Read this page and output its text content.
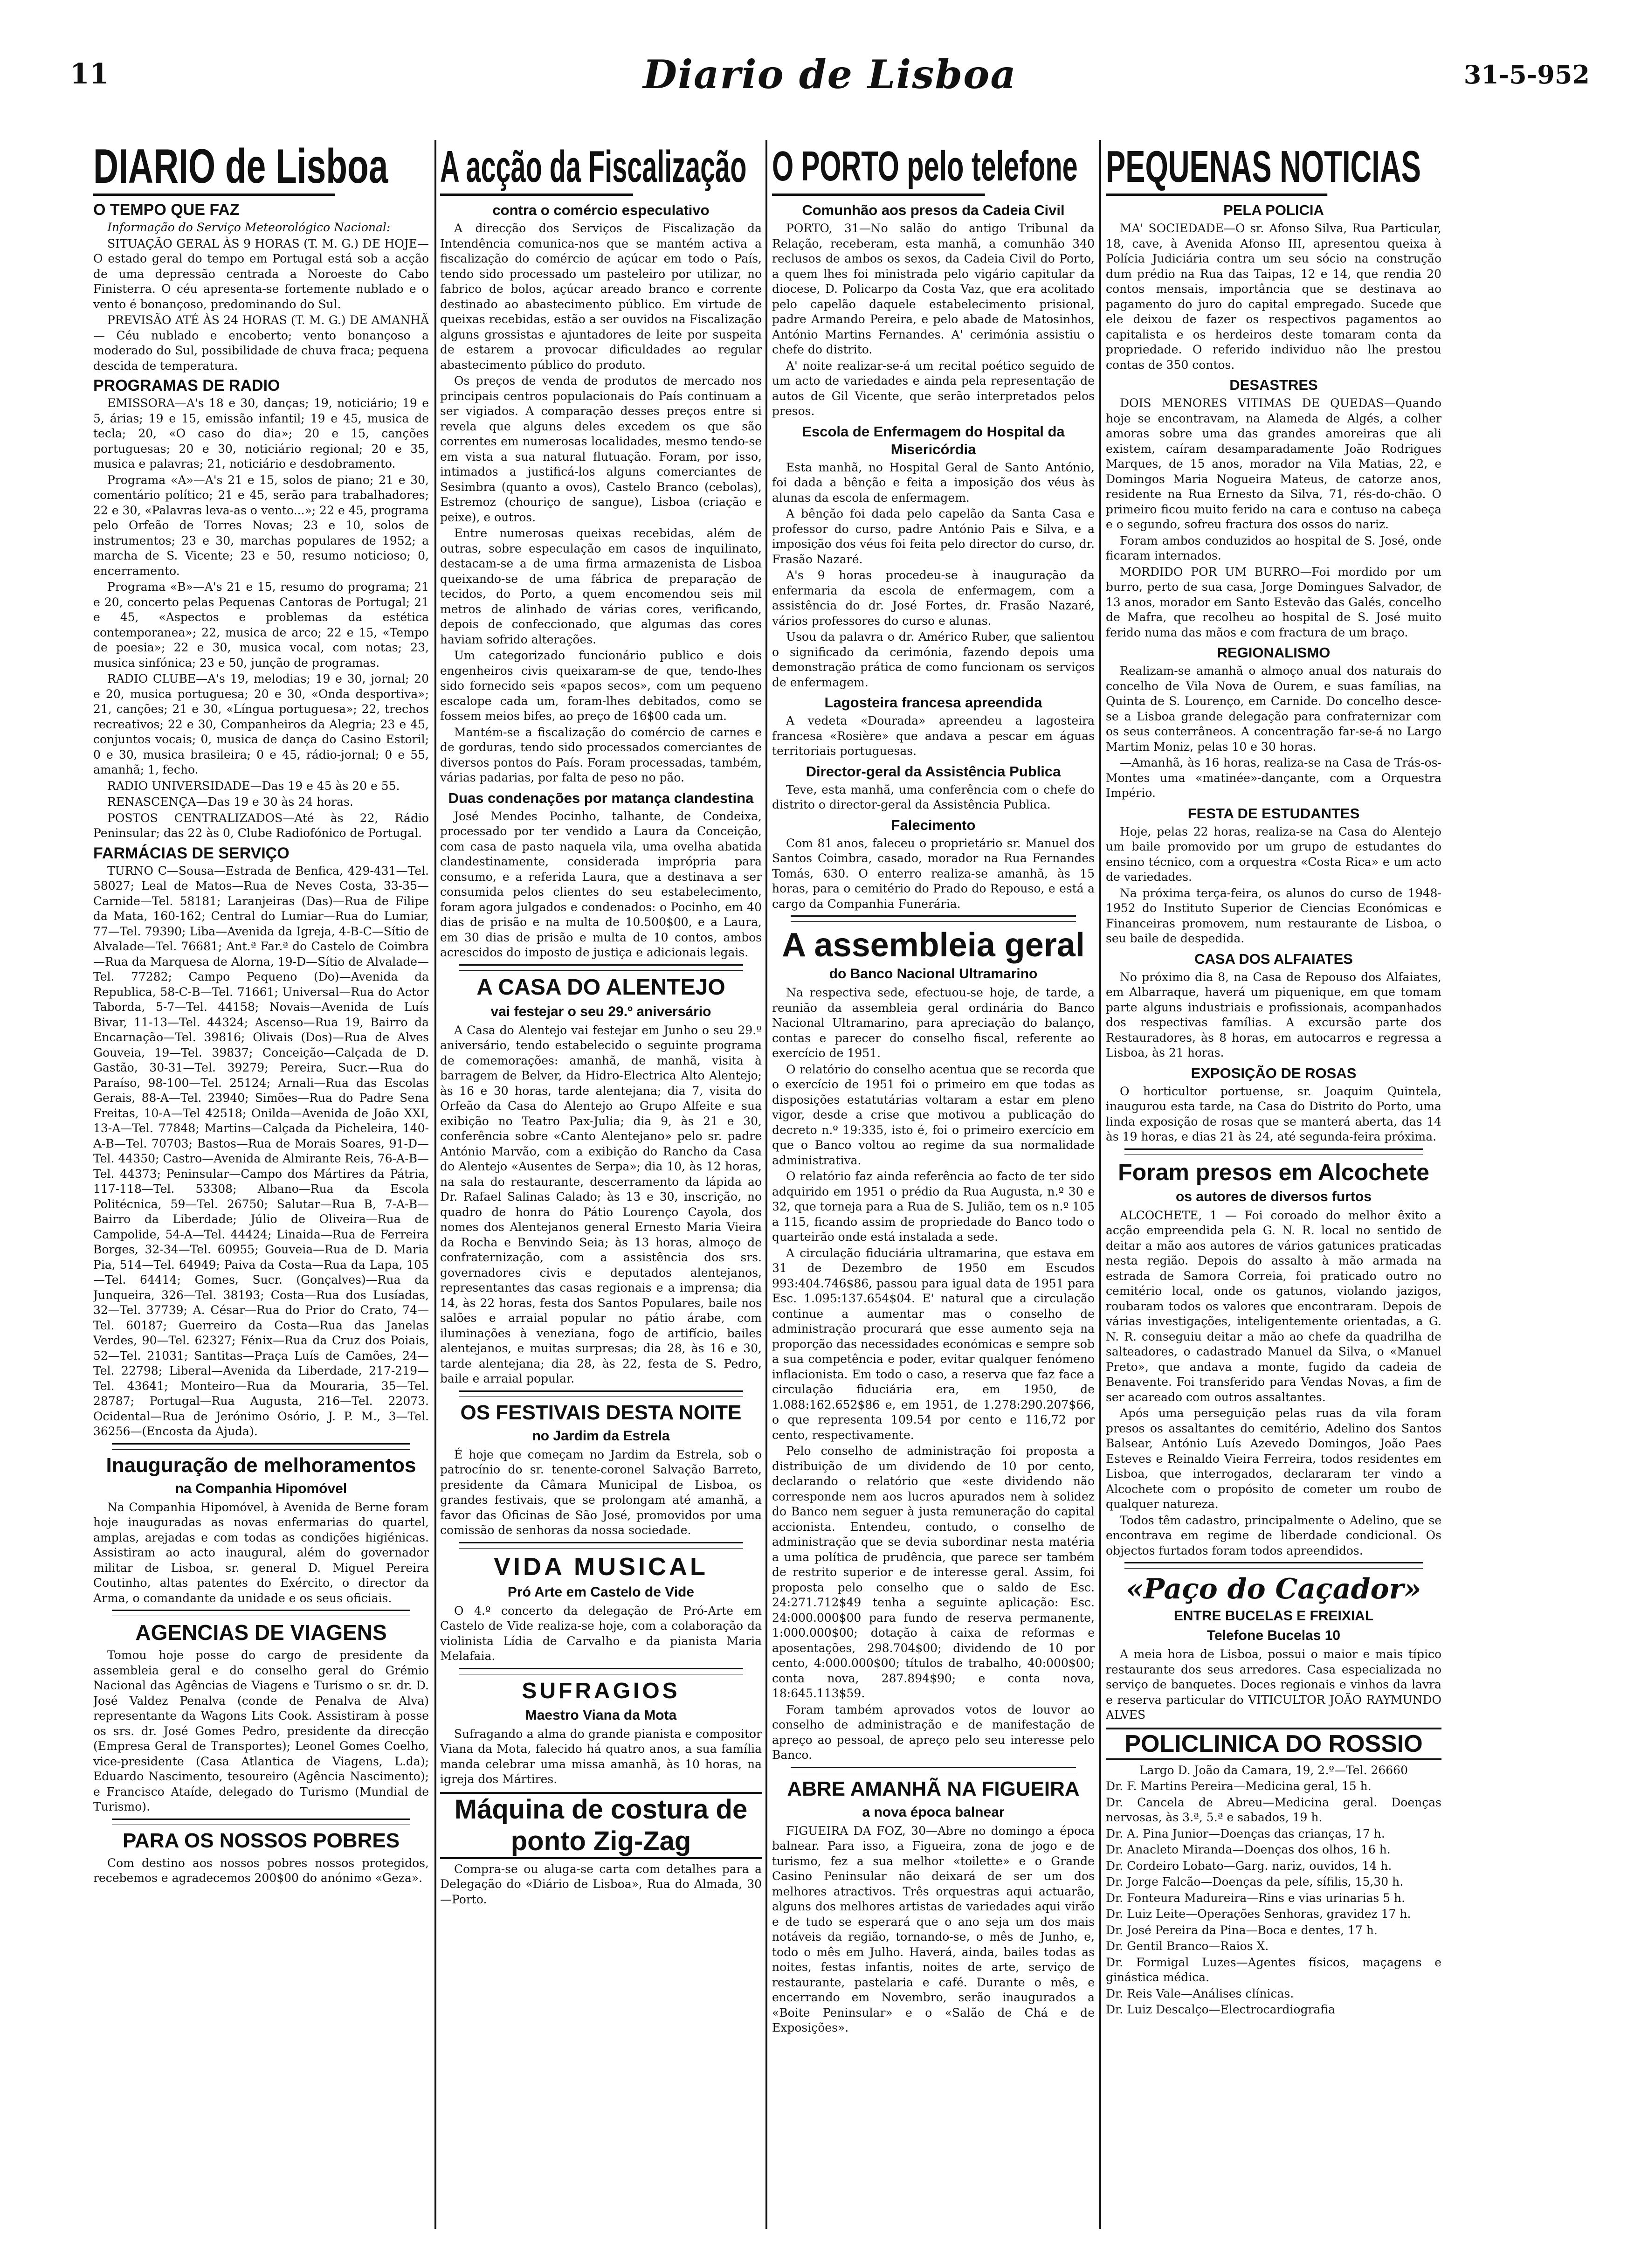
11	Diario de Lisboa	31-5-952
DIARIO de Lisboa
O TEMPO QUE FAZ

Informação do Serviço Meteorológico Nacional:

SITUAÇÃO GERAL ÀS 9 HORAS (T. M. G.) DE HOJE—O estado geral do tempo em Portugal está sob a acção de uma depressão centrada a Noroeste do Cabo Finisterra. O céu apresenta-se fortemente nublado e o vento é bonançoso, predominando do Sul.

PREVISÃO ATÉ ÀS 24 HORAS (T. M. G.) DE AMANHÃ — Céu nublado e encoberto; vento bonançoso a moderado do Sul, possibilidade de chuva fraca; pequena descida de temperatura.

PROGRAMAS DE RADIO

EMISSORA—A's 18 e 30, danças; 19, noticiário; 19 e 5, árias; 19 e 15, emissão infantil; 19 e 45, musica de tecla; 20, «O caso do dia»; 20 e 15, canções portuguesas; 20 e 30, noticiário regional; 20 e 35, musica e palavras; 21, noticiário e desdobramento.

Programa «A»—A's 21 e 15, solos de piano; 21 e 30, comentário político; 21 e 45, serão para trabalhadores; 22 e 30, «Palavras leva-as o vento...»; 22 e 45, programa pelo Orfeão de Torres Novas; 23 e 10, solos de instrumentos; 23 e 30, marchas populares de 1952; a marcha de S. Vicente; 23 e 50, resumo noticioso; 0, encerramento.

Programa «B»—A's 21 e 15, resumo do programa; 21 e 20, concerto pelas Pequenas Cantoras de Portugal; 21 e 45, «Aspectos e problemas da estética contemporanea»; 22, musica de arco; 22 e 15, «Tempo de poesia»; 22 e 30, musica vocal, com notas; 23, musica sinfónica; 23 e 50, junção de programas.

RADIO CLUBE—A's 19, melodias; 19 e 30, jornal; 20 e 20, musica portuguesa; 20 e 30, «Onda desportiva»; 21, canções; 21 e 30, «Língua portuguesa»; 22, trechos recreativos; 22 e 30, Companheiros da Alegria; 23 e 45, conjuntos vocais; 0, musica de dança do Casino Estoril; 0 e 30, musica brasileira; 0 e 45, rádio-jornal; 0 e 55, amanhã; 1, fecho.

RADIO UNIVERSIDADE—Das 19 e 45 às 20 e 55.

RENASCENÇA—Das 19 e 30 às 24 horas.

POSTOS CENTRALIZADOS—Até às 22, Rádio Peninsular; das 22 às 0, Clube Radiofónico de Portugal.

FARMÁCIAS DE SERVIÇO

TURNO C—Sousa—Estrada de Benfica, 429-431—Tel. 58027; Leal de Matos—Rua de Neves Costa, 33-35—Carnide—Tel. 58181; Laranjeiras (Das)—Rua de Filipe da Mata, 160-162; Central do Lumiar—Rua do Lumiar, 77—Tel. 79390; Liba—Avenida da Igreja, 4-B-C—Sítio de Alvalade—Tel. 76681; Ant.ª Far.ª do Castelo de Coimbra—Rua da Marquesa de Alorna, 19-D—Sítio de Alvalade—Tel. 77282; Campo Pequeno (Do)—Avenida da Republica, 58-C-B—Tel. 71661; Universal—Rua do Actor Taborda, 5-7—Tel. 44158; Novais—Avenida de Luís Bivar, 11-13—Tel. 44324; Ascenso—Rua 19, Bairro da Encarnação—Tel. 39816; Olivais (Dos)—Rua de Alves Gouveia, 19—Tel. 39837; Conceição—Calçada de D. Gastão, 30-31—Tel. 39279; Pereira, Sucr.—Rua do Paraíso, 98-100—Tel. 25124; Arnali—Rua das Escolas Gerais, 88-A—Tel. 23940; Simões—Rua do Padre Sena Freitas, 10-A—Tel 42518; Onilda—Avenida de João XXI, 13-A—Tel. 77848; Martins—Calçada da Picheleira, 140-A-B—Tel. 70703; Bastos—Rua de Morais Soares, 91-D—Tel. 44350; Castro—Avenida de Almirante Reis, 76-A-B—Tel. 44373; Peninsular—Campo dos Mártires da Pátria, 117-118—Tel. 53308; Albano—Rua da Escola Politécnica, 59—Tel. 26750; Salutar—Rua B, 7-A-B—Bairro da Liberdade; Júlio de Oliveira—Rua de Campolide, 54-A—Tel. 44424; Linaida—Rua de Ferreira Borges, 32-34—Tel. 60955; Gouveia—Rua de D. Maria Pia, 514—Tel. 64949; Paiva da Costa—Rua da Lapa, 105—Tel. 64414; Gomes, Sucr. (Gonçalves)—Rua da Junqueira, 326—Tel. 38193; Costa—Rua dos Lusíadas, 32—Tel. 37739; A. César—Rua do Prior do Crato, 74—Tel. 60187; Guerreiro da Costa—Rua das Janelas Verdes, 90—Tel. 62327; Fénix—Rua da Cruz dos Poiais, 52—Tel. 21031; Santitas—Praça Luís de Camões, 24—Tel. 22798; Liberal—Avenida da Liberdade, 217-219—Tel. 43641; Monteiro—Rua da Mouraria, 35—Tel. 28787; Portugal—Rua Augusta, 216—Tel. 22073. Ocidental—Rua de Jerónimo Osório, J. P. M., 3—Tel. 36256—(Encosta da Ajuda).

Inauguração de melhoramentos
na Companhia Hipomóvel

Na Companhia Hipomóvel, à Avenida de Berne foram hoje inauguradas as novas enfermarias do quartel, amplas, arejadas e com todas as condições higiénicas. Assistiram ao acto inaugural, além do governador militar de Lisboa, sr. general D. Miguel Pereira Coutinho, altas patentes do Exército, o director da Arma, o comandante da unidade e os seus oficiais.

AGENCIAS DE VIAGENS

Tomou hoje posse do cargo de presidente da assembleia geral e do conselho geral do Grémio Nacional das Agências de Viagens e Turismo o sr. dr. D. José Valdez Penalva (conde de Penalva de Alva) representante da Wagons Lits Cook. Assistiram à posse os srs. dr. José Gomes Pedro, presidente da direcção (Empresa Geral de Transportes); Leonel Gomes Coelho, vice-presidente (Casa Atlantica de Viagens, L.da); Eduardo Nascimento, tesoureiro (Agência Nascimento); e Francisco Ataíde, delegado do Turismo (Mundial de Turismo).

PARA OS NOSSOS POBRES

Com destino aos nossos pobres nossos protegidos, recebemos e agradecemos 200$00 do anónimo «Geza».

A acção da Fiscalização
contra o comércio especulativo

A direcção dos Serviços de Fiscalização da Intendência comunica-nos que se mantém activa a fiscalização do comércio de açúcar em todo o País, tendo sido processado um pasteleiro por utilizar, no fabrico de bolos, açúcar areado branco e corrente destinado ao abastecimento público. Em virtude de queixas recebidas, estão a ser ouvidos na Fiscalização alguns grossistas e ajuntadores de leite por suspeita de estarem a provocar dificuldades ao regular abastecimento público do produto.

Os preços de venda de produtos de mercado nos principais centros populacionais do País continuam a ser vigiados. A comparação desses preços entre si revela que alguns deles excedem os que são correntes em numerosas localidades, mesmo tendo-se em vista a sua natural flutuação. Foram, por isso, intimados a justificá-los alguns comerciantes de Sesimbra (quanto a ovos), Castelo Branco (cebolas), Estremoz (chouriço de sangue), Lisboa (criação e peixe), e outros.

Entre numerosas queixas recebidas, além de outras, sobre especulação em casos de inquilinato, destacam-se a de uma firma armazenista de Lisboa queixando-se de uma fábrica de preparação de tecidos, do Porto, a quem encomendou seis mil metros de alinhado de várias cores, verificando, depois de confeccionado, que algumas das cores haviam sofrido alterações.

Um categorizado funcionário publico e dois engenheiros civis queixaram-se de que, tendo-lhes sido fornecido seis «papos secos», com um pequeno escalope cada um, foram-lhes debitados, como se fossem meios bifes, ao preço de 16$00 cada um.

Mantém-se a fiscalização do comércio de carnes e de gorduras, tendo sido processados comerciantes de diversos pontos do País. Foram processadas, também, várias padarias, por falta de peso no pão.

Duas condenações por matança clandestina

José Mendes Pocinho, talhante, de Condeixa, processado por ter vendido a Laura da Conceição, com casa de pasto naquela vila, uma ovelha abatida clandestinamente, considerada imprópria para consumo, e a referida Laura, que a destinava a ser consumida pelos clientes do seu estabelecimento, foram agora julgados e condenados: o Pocinho, em 40 dias de prisão e na multa de 10.500$00, e a Laura, em 30 dias de prisão e multa de 10 contos, ambos acrescidos do imposto de justiça e adicionais legais.

A CASA DO ALENTEJO
vai festejar o seu 29.º aniversário

A Casa do Alentejo vai festejar em Junho o seu 29.º aniversário, tendo estabelecido o seguinte programa de comemorações: amanhã, de manhã, visita à barragem de Belver, da Hidro-Electrica Alto Alentejo; às 16 e 30 horas, tarde alentejana; dia 7, visita do Orfeão da Casa do Alentejo ao Grupo Alfeite e sua exibição no Teatro Pax-Julia; dia 9, às 21 e 30, conferência sobre «Canto Alentejano» pelo sr. padre António Marvão, com a exibição do Rancho da Casa do Alentejo «Ausentes de Serpa»; dia 10, às 12 horas, na sala do restaurante, descerramento da lápida ao Dr. Rafael Salinas Calado; às 13 e 30, inscrição, no quadro de honra do Pátio Lourenço Cayola, dos nomes dos Alentejanos general Ernesto Maria Vieira da Rocha e Benvindo Seia; às 13 horas, almoço de confraternização, com a assistência dos srs. governadores civis e deputados alentejanos, representantes das casas regionais e a imprensa; dia 14, às 22 horas, festa dos Santos Populares, baile nos salões e arraial popular no pátio árabe, com iluminações à veneziana, fogo de artifício, bailes alentejanos, e muitas surpresas; dia 28, às 16 e 30, tarde alentejana; dia 28, às 22, festa de S. Pedro, baile e arraial popular.

OS FESTIVAIS DESTA NOITE
no Jardim da Estrela

É hoje que começam no Jardim da Estrela, sob o patrocínio do sr. tenente-coronel Salvação Barreto, presidente da Câmara Municipal de Lisboa, os grandes festivais, que se prolongam até amanhã, a favor das Oficinas de São José, promovidos por uma comissão de senhoras da nossa sociedade.

VIDA MUSICAL
Pró Arte em Castelo de Vide

O 4.º concerto da delegação de Pró-Arte em Castelo de Vide realiza-se hoje, com a colaboração da violinista Lídia de Carvalho e da pianista Maria Melafaia.

SUFRAGIOS
Maestro Viana da Mota

Sufragando a alma do grande pianista e compositor Viana da Mota, falecido há quatro anos, a sua família manda celebrar uma missa amanhã, às 10 horas, na igreja dos Mártires.

Máquina de costura de ponto Zig-Zag

Compra-se ou aluga-se carta com detalhes para a Delegação do «Diário de Lisboa», Rua do Almada, 30—Porto.

O PORTO pelo telefone
Comunhão aos presos da Cadeia Civil

PORTO, 31—No salão do antigo Tribunal da Relação, receberam, esta manhã, a comunhão 340 reclusos de ambos os sexos, da Cadeia Civil do Porto, a quem lhes foi ministrada pelo vigário capitular da diocese, D. Policarpo da Costa Vaz, que era acolitado pelo capelão daquele estabelecimento prisional, padre Armando Pereira, e pelo abade de Matosinhos, António Martins Fernandes. A' cerimónia assistiu o chefe do distrito.

A' noite realizar-se-á um recital poético seguido de um acto de variedades e ainda pela representação de autos de Gil Vicente, que serão interpretados pelos presos.

Escola de Enfermagem do Hospital da Misericórdia

Esta manhã, no Hospital Geral de Santo António, foi dada a bênção e feita a imposição dos véus às alunas da escola de enfermagem.

A bênção foi dada pelo capelão da Santa Casa e professor do curso, padre António Pais e Silva, e a imposição dos véus foi feita pelo director do curso, dr. Frasão Nazaré.

A's 9 horas procedeu-se à inauguração da enfermaria da escola de enfermagem, com a assistência do dr. José Fortes, dr. Frasão Nazaré, vários professores do curso e alunas.

Usou da palavra o dr. Américo Ruber, que salientou o significado da cerimónia, fazendo depois uma demonstração prática de como funcionam os serviços de enfermagem.

Lagosteira francesa apreendida

A vedeta «Dourada» apreendeu a lagosteira francesa «Rosière» que andava a pescar em águas territoriais portuguesas.

Director-geral da Assistência Publica

Teve, esta manhã, uma conferência com o chefe do distrito o director-geral da Assistência Publica.

Falecimento

Com 81 anos, faleceu o proprietário sr. Manuel dos Santos Coimbra, casado, morador na Rua Fernandes Tomás, 630. O enterro realiza-se amanhã, às 15 horas, para o cemitério do Prado do Repouso, e está a cargo da Companhia Funerária.

A assembleia geral
do Banco Nacional Ultramarino

Na respectiva sede, efectuou-se hoje, de tarde, a reunião da assembleia geral ordinária do Banco Nacional Ultramarino, para apreciação do balanço, contas e parecer do conselho fiscal, referente ao exercício de 1951.

O relatório do conselho acentua que se recorda que o exercício de 1951 foi o primeiro em que todas as disposições estatutárias voltaram a estar em pleno vigor, desde a crise que motivou a publicação do decreto n.º 19:335, isto é, foi o primeiro exercício em que o Banco voltou ao regime da sua normalidade administrativa.

O relatório faz ainda referência ao facto de ter sido adquirido em 1951 o prédio da Rua Augusta, n.º 30 e 32, que torneja para a Rua de S. Julião, tem os n.º 105 a 115, ficando assim de propriedade do Banco todo o quarteirão onde está instalada a sede.

A circulação fiduciária ultramarina, que estava em 31 de Dezembro de 1950 em Escudos 993:404.746$86, passou para igual data de 1951 para Esc. 1.095:137.654$04. E' natural que a circulação continue a aumentar mas o conselho de administração procurará que esse aumento seja na proporção das necessidades económicas e sempre sob a sua competência e poder, evitar qualquer fenómeno inflacionista. Em todo o caso, a reserva que faz face a circulação fiduciária era, em 1950, de 1.088:162.652$86 e, em 1951, de 1.278:290.207$66, o que representa 109.54 por cento e 116,72 por cento, respectivamente.

Pelo conselho de administração foi proposta a distribuição de um dividendo de 10 por cento, declarando o relatório que «este dividendo não corresponde nem aos lucros apurados nem à solidez do Banco nem seguer à justa remuneração do capital accionista. Entendeu, contudo, o conselho de administração que se devia subordinar nesta matéria a uma política de prudência, que parece ser também de restrito superior e de interesse geral. Assim, foi proposta pelo conselho que o saldo de Esc. 24:271.712$49 tenha a seguinte aplicação: Esc. 24:000.000$00 para fundo de reserva permanente, 1:000.000$00; dotação à caixa de reformas e aposentações, 298.704$00; dividendo de 10 por cento, 4:000.000$00; títulos de trabalho, 40:000$00; conta nova, 287.894$90; e conta nova, 18:645.113$59.

Foram também aprovados votos de louvor ao conselho de administração e de manifestação de apreço ao pessoal, de apreço pelo seu interesse pelo Banco.

ABRE AMANHÃ NA FIGUEIRA
a nova época balnear

FIGUEIRA DA FOZ, 30—Abre no domingo a época balnear. Para isso, a Figueira, zona de jogo e de turismo, fez a sua melhor «toilette» e o Grande Casino Peninsular não deixará de ser um dos melhores atractivos. Três orquestras aqui actuarão, alguns dos melhores artistas de variedades aqui virão e de tudo se esperará que o ano seja um dos mais notáveis da região, tornando-se, o mês de Junho, e, todo o mês em Julho. Haverá, ainda, bailes todas as noites, festas infantis, noites de arte, serviço de restaurante, pastelaria e café. Durante o mês, e encerrando em Novembro, serão inaugurados a «Boite Peninsular» e o «Salão de Chá e de Exposições».

PEQUENAS NOTICIAS
PELA POLICIA

MA' SOCIEDADE—O sr. Afonso Silva, Rua Particular, 18, cave, à Avenida Afonso III, apresentou queixa à Polícia Judiciária contra um seu sócio na construção dum prédio na Rua das Taipas, 12 e 14, que rendia 20 contos mensais, importância que se destinava ao pagamento do juro do capital empregado. Sucede que ele deixou de fazer os respectivos pagamentos ao capitalista e os herdeiros deste tomaram conta da propriedade. O referido individuo não lhe prestou contas de 350 contos.

DESASTRES

DOIS MENORES VITIMAS DE QUEDAS—Quando hoje se encontravam, na Alameda de Algés, a colher amoras sobre uma das grandes amoreiras que ali existem, caíram desamparadamente João Rodrigues Marques, de 15 anos, morador na Vila Matias, 22, e Domingos Maria Nogueira Mateus, de catorze anos, residente na Rua Ernesto da Silva, 71, rés-do-chão. O primeiro ficou muito ferido na cara e contuso na cabeça e o segundo, sofreu fractura dos ossos do nariz.

Foram ambos conduzidos ao hospital de S. José, onde ficaram internados.

MORDIDO POR UM BURRO—Foi mordido por um burro, perto de sua casa, Jorge Domingues Salvador, de 13 anos, morador em Santo Estevão das Galés, concelho de Mafra, que recolheu ao hospital de S. José muito ferido numa das mãos e com fractura de um braço.

REGIONALISMO

Realizam-se amanhã o almoço anual dos naturais do concelho de Vila Nova de Ourem, e suas famílias, na Quinta de S. Lourenço, em Carnide. Do concelho desce-se a Lisboa grande delegação para confraternizar com os seus conterrâneos. A concentração far-se-á no Largo Martim Moniz, pelas 10 e 30 horas.

—Amanhã, às 16 horas, realiza-se na Casa de Trás-os-Montes uma «matinée»-dançante, com a Orquestra Império.

FESTA DE ESTUDANTES

Hoje, pelas 22 horas, realiza-se na Casa do Alentejo um baile promovido por um grupo de estudantes do ensino técnico, com a orquestra «Costa Rica» e um acto de variedades.

Na próxima terça-feira, os alunos do curso de 1948-1952 do Instituto Superior de Ciencias Económicas e Financeiras promovem, num restaurante de Lisboa, o seu baile de despedida.

CASA DOS ALFAIATES

No próximo dia 8, na Casa de Repouso dos Alfaiates, em Albarraque, haverá um piquenique, em que tomam parte alguns industriais e profissionais, acompanhados dos respectivas famílias. A excursão parte dos Restauradores, às 8 horas, em autocarros e regressa a Lisboa, às 21 horas.

EXPOSIÇÃO DE ROSAS

O horticultor portuense, sr. Joaquim Quintela, inaugurou esta tarde, na Casa do Distrito do Porto, uma linda exposição de rosas que se manterá aberta, das 14 às 19 horas, e dias 21 às 24, até segunda-feira próxima.

Foram presos em Alcochete
os autores de diversos furtos

ALCOCHETE, 1 — Foi coroado do melhor êxito a acção empreendida pela G. N. R. local no sentido de deitar a mão aos autores de vários gatunices praticadas nesta região. Depois do assalto à mão armada na estrada de Samora Correia, foi praticado outro no cemitério local, onde os gatunos, violando jazigos, roubaram todos os valores que encontraram. Depois de várias investigações, inteligentemente orientadas, a G. N. R. conseguiu deitar a mão ao chefe da quadrilha de salteadores, o cadastrado Manuel da Silva, o «Manuel Preto», que andava a monte, fugido da cadeia de Benavente. Foi transferido para Vendas Novas, a fim de ser acareado com outros assaltantes.

Após uma perseguição pelas ruas da vila foram presos os assaltantes do cemitério, Adelino dos Santos Balsear, António Luís Azevedo Domingos, João Paes Esteves e Reinaldo Vieira Ferreira, todos residentes em Lisboa, que interrogados, declararam ter vindo a Alcochete com o propósito de cometer um roubo de qualquer natureza.

Todos têm cadastro, principalmente o Adelino, que se encontrava em regime de liberdade condicional. Os objectos furtados foram todos apreendidos.

«Paço do Caçador»
ENTRE BUCELAS E FREIXIAL
Telefone Bucelas 10

A meia hora de Lisboa, possui o maior e mais típico restaurante dos seus arredores. Casa especializada no serviço de banquetes. Doces regionais e vinhos da lavra e reserva particular do VITICULTOR JOÃO RAYMUNDO ALVES

POLICLINICA DO ROSSIO

Largo D. João da Camara, 19, 2.º—Tel. 26660

Dr. F. Martins Pereira—Medicina geral, 15 h.

Dr. Cancela de Abreu—Medicina geral. Doenças nervosas, às 3.ª, 5.ª e sabados, 19 h.

Dr. A. Pina Junior—Doenças das crianças, 17 h.

Dr. Anacleto Miranda—Doenças dos olhos, 16 h.

Dr. Cordeiro Lobato—Garg. nariz, ouvidos, 14 h.

Dr. Jorge Falcão—Doenças da pele, sífilis, 15,30 h.

Dr. Fonteura Madureira—Rins e vias urinarias 5 h.

Dr. Luiz Leite—Operações Senhoras, gravidez 17 h.

Dr. José Pereira da Pina—Boca e dentes, 17 h.

Dr. Gentil Branco—Raios X.

Dr. Formigal Luzes—Agentes físicos, maçagens e ginástica médica.

Dr. Reis Vale—Análises clínicas.

Dr. Luiz Descalço—Electrocardiografia
